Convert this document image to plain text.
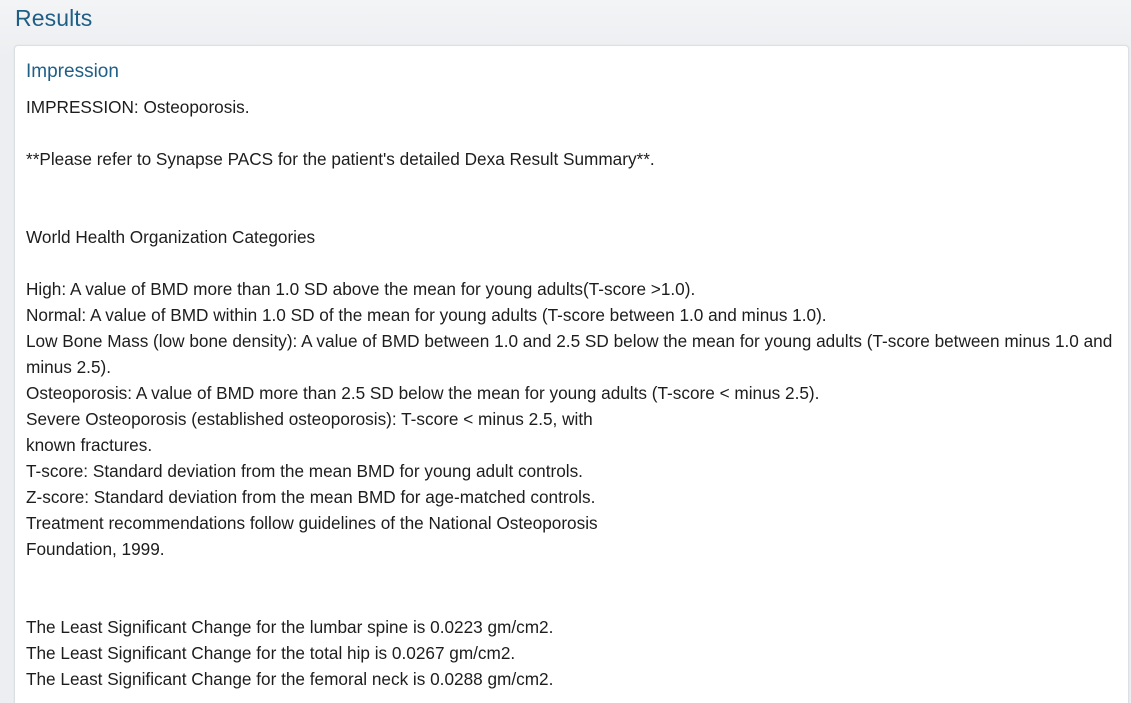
Results
Impression
IMPRESSION: Osteoporosis.
**Please refer to Synapse PACS for the patient's detailed Dexa Result Summary**.
World Health Organization Categories
High: A value of BMD more than 1.0 SD above the mean for young adults(T-score >1.0).
Normal: A value of BMD within 1.0 SD of the mean for young adults (T-score between 1.0 and minus 1.0).
Low Bone Mass (low bone density): A value of BMD between 1.0 and 2.5 SD below the mean for young adults (T-score between minus 1.0 and minus 2.5).
Osteoporosis: A value of BMD more than 2.5 SD below the mean for young adults (T-score < minus 2.5).
Severe Osteoporosis (established osteoporosis): T-score < minus 2.5, with
known fractures.
T-score: Standard deviation from the mean BMD for young adult controls.
Z-score: Standard deviation from the mean BMD for age-matched controls.
Treatment recommendations follow guidelines of the National Osteoporosis
Foundation, 1999.
The Least Significant Change for the lumbar spine is 0.0223 gm/cm2.
The Least Significant Change for the total hip is 0.0267 gm/cm2.
The Least Significant Change for the femoral neck is 0.0288 gm/cm2.
